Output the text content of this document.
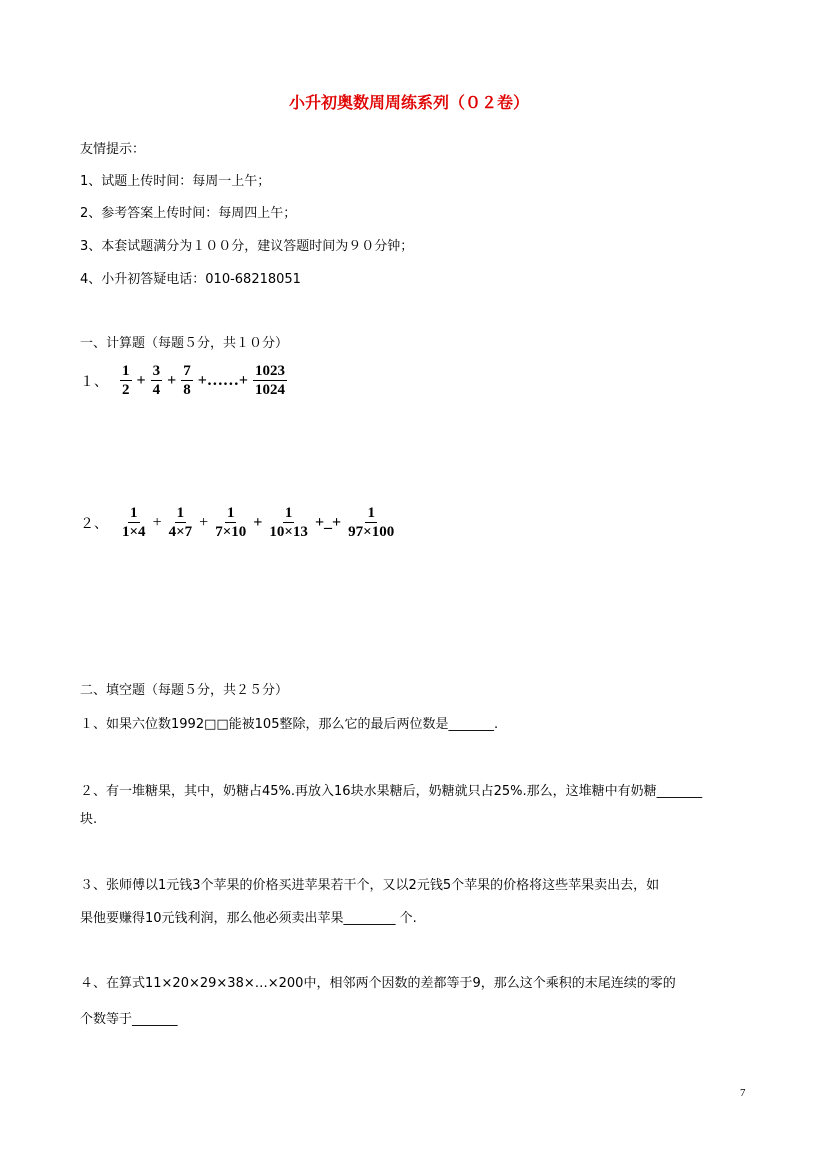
小升初奥数周周练系列（０２卷）
友情提示：
1、试题上传时间：每周一上午；
2、参考答案上传时间：每周四上午；
3、本套试题满分为１００分，建议答题时间为９０分钟；
4、小升初答疑电话：010-68218051
一、计算题（每题５分，共１０分）
１、 $\frac{1}{2} + \frac{3}{4} + \frac{7}{8}$ +……+ $\frac{1023}{1024}$
２、 $\frac{1}{1\times 4} + \frac{1}{4\times 7} + \frac{1}{7\times 10} + \frac{1}{10\times 13}$ +_+ $\frac{1}{97\times 100}$
二、填空题（每题５分，共２５分）
１、如果六位数1992□□能被105整除，那么它的最后两位数是_______.
２、有一堆糖果，其中，奶糖占45%.再放入16块水果糖后，奶糖就只占25%.那么，这堆糖中有奶糖_______
块.
３、张师傅以1元钱3个苹果的价格买进苹果若干个，又以2元钱5个苹果的价格将这些苹果卖出去，如
果他要赚得10元钱利润，那么他必须卖出苹果________ 个.
４、在算式11×20×29×38×…×200中，相邻两个因数的差都等于9，那么这个乘积的末尾连续的零的
个数等于_______
7
